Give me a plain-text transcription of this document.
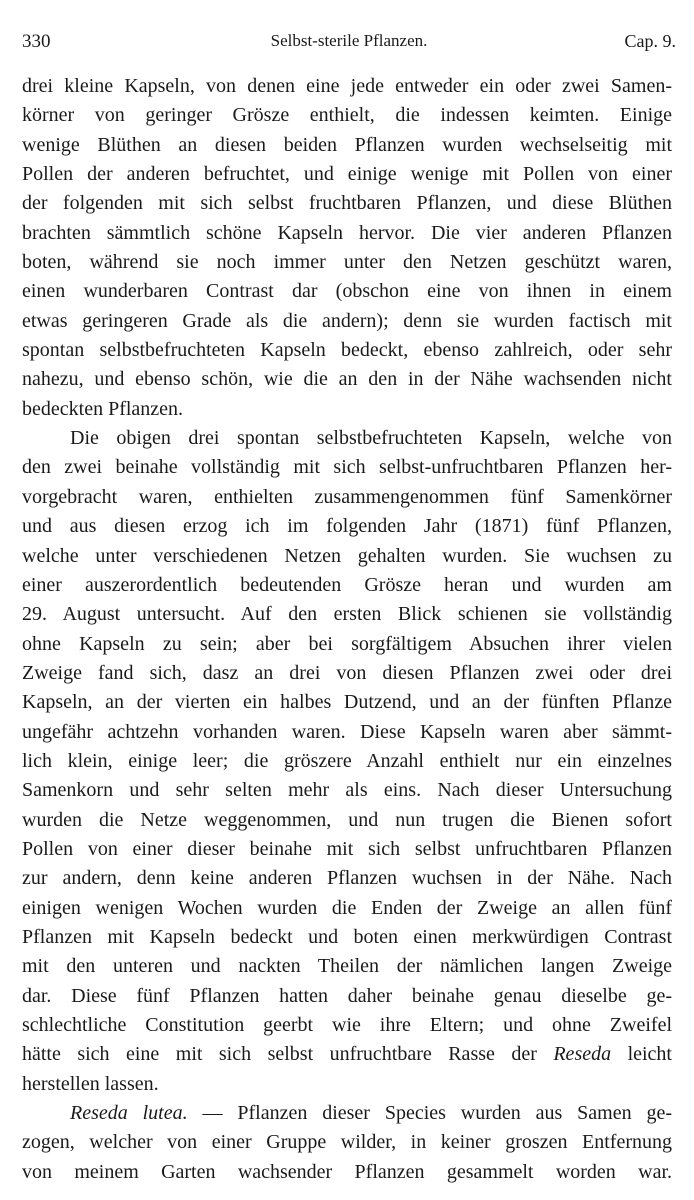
330	Selbst-sterile Pflanzen.	Cap. 9.
drei kleine Kapseln, von denen eine jede entweder ein oder zwei Samen-
körner von geringer Grösze enthielt, die indessen keimten. Einige
wenige Blüthen an diesen beiden Pflanzen wurden wechselseitig mit
Pollen der anderen befruchtet, und einige wenige mit Pollen von einer
der folgenden mit sich selbst fruchtbaren Pflanzen, und diese Blüthen
brachten sämmtlich schöne Kapseln hervor. Die vier anderen Pflanzen
boten, während sie noch immer unter den Netzen geschützt waren,
einen wunderbaren Contrast dar (obschon eine von ihnen in einem
etwas geringeren Grade als die andern); denn sie wurden factisch mit
spontan selbstbefruchteten Kapseln bedeckt, ebenso zahlreich, oder sehr
nahezu, und ebenso schön, wie die an den in der Nähe wachsenden nicht
bedeckten Pflanzen.
Die obigen drei spontan selbstbefruchteten Kapseln, welche von
den zwei beinahe vollständig mit sich selbst-unfruchtbaren Pflanzen her-
vorgebracht waren, enthielten zusammengenommen fünf Samenkörner
und aus diesen erzog ich im folgenden Jahr (1871) fünf Pflanzen,
welche unter verschiedenen Netzen gehalten wurden. Sie wuchsen zu
einer auszerordentlich bedeutenden Grösze heran und wurden am
29. August untersucht. Auf den ersten Blick schienen sie vollständig
ohne Kapseln zu sein; aber bei sorgfältigem Absuchen ihrer vielen
Zweige fand sich, dasz an drei von diesen Pflanzen zwei oder drei
Kapseln, an der vierten ein halbes Dutzend, und an der fünften Pflanze
ungefähr achtzehn vorhanden waren. Diese Kapseln waren aber sämmt-
lich klein, einige leer; die gröszere Anzahl enthielt nur ein einzelnes
Samenkorn und sehr selten mehr als eins. Nach dieser Untersuchung
wurden die Netze weggenommen, und nun trugen die Bienen sofort
Pollen von einer dieser beinahe mit sich selbst unfruchtbaren Pflanzen
zur andern, denn keine anderen Pflanzen wuchsen in der Nähe. Nach
einigen wenigen Wochen wurden die Enden der Zweige an allen fünf
Pflanzen mit Kapseln bedeckt und boten einen merkwürdigen Contrast
mit den unteren und nackten Theilen der nämlichen langen Zweige
dar. Diese fünf Pflanzen hatten daher beinahe genau dieselbe ge-
schlechtliche Constitution geerbt wie ihre Eltern; und ohne Zweifel
hätte sich eine mit sich selbst unfruchtbare Rasse der Reseda leicht
herstellen lassen.
Reseda lutea. — Pflanzen dieser Species wurden aus Samen ge-
zogen, welcher von einer Gruppe wilder, in keiner groszen Entfernung
von meinem Garten wachsender Pflanzen gesammelt worden war.
